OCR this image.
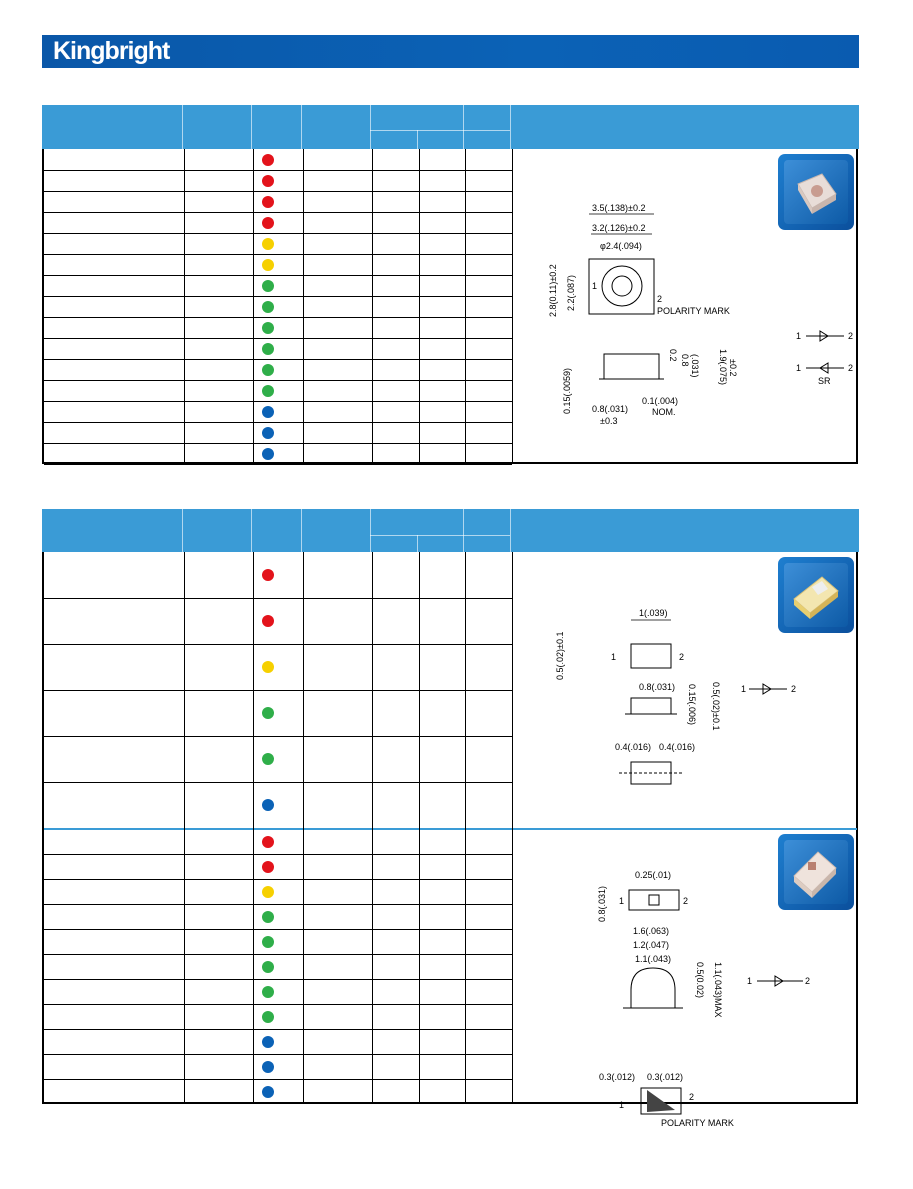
Kingbright
3.5(.138)±0.2
3.2(.126)±0.2
φ2.4(.094)
1
2
POLARITY MARK
2.8(0.11)±0.2 2.2(.087)
0.2 0.8 (.031) 1.9(.075) ±0.2
0.15(.0059) 0.8(.031)
±0.3
0.1(.004)
NOM.
1	2
1	2
SR
1(.039)
0.5(.02)±0.1	1	2
0.8(.031) 0.15(.006) 0.5(.02)±0.1
0.4(.016) 0.4(.016)
1	2
0.25(.01)
0.8(.031) 1	2
1.6(.063)
1.2(.047)
1.1(.043)
0.5(0.02) 1.1(.043)MAX
0.3(.012) 0.3(.012)
1
2
POLARITY MARK
1	2
